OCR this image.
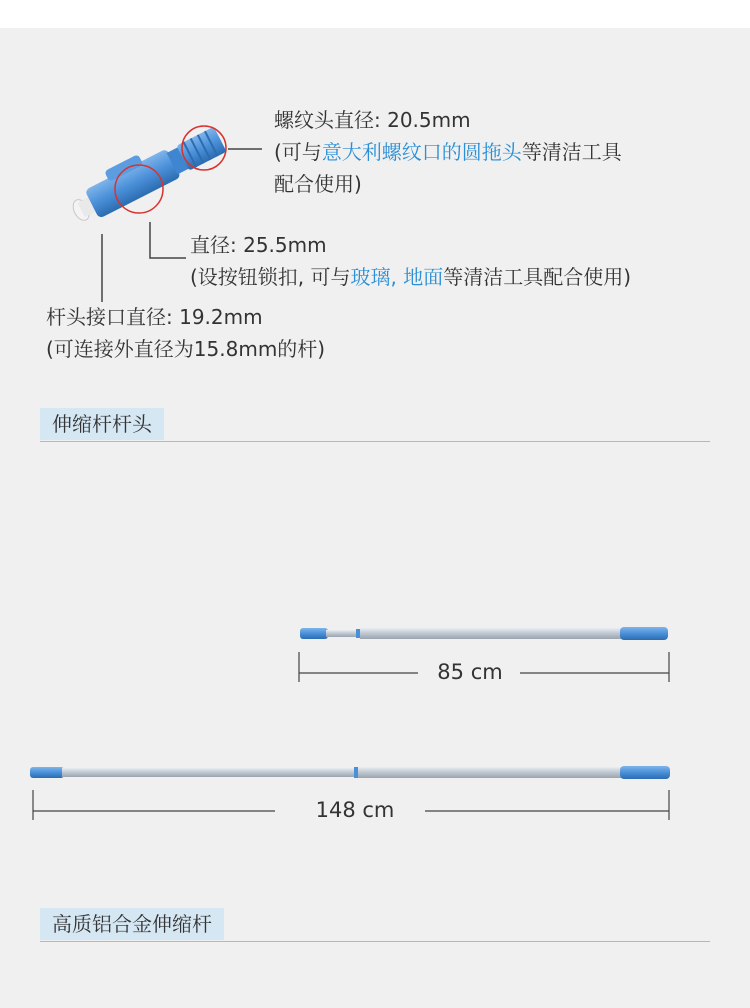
螺纹头直径: 20.5mm
(可与意大利螺纹口的圆拖头等清洁工具
配合使用)
直径: 25.5mm
(设按钮锁扣, 可与玻璃, 地面等清洁工具配合使用)
杆头接口直径: 19.2mm
(可连接外直径为15.8mm的杆)
伸缩杆杆头
85 cm
148 cm
高质铝合金伸缩杆
